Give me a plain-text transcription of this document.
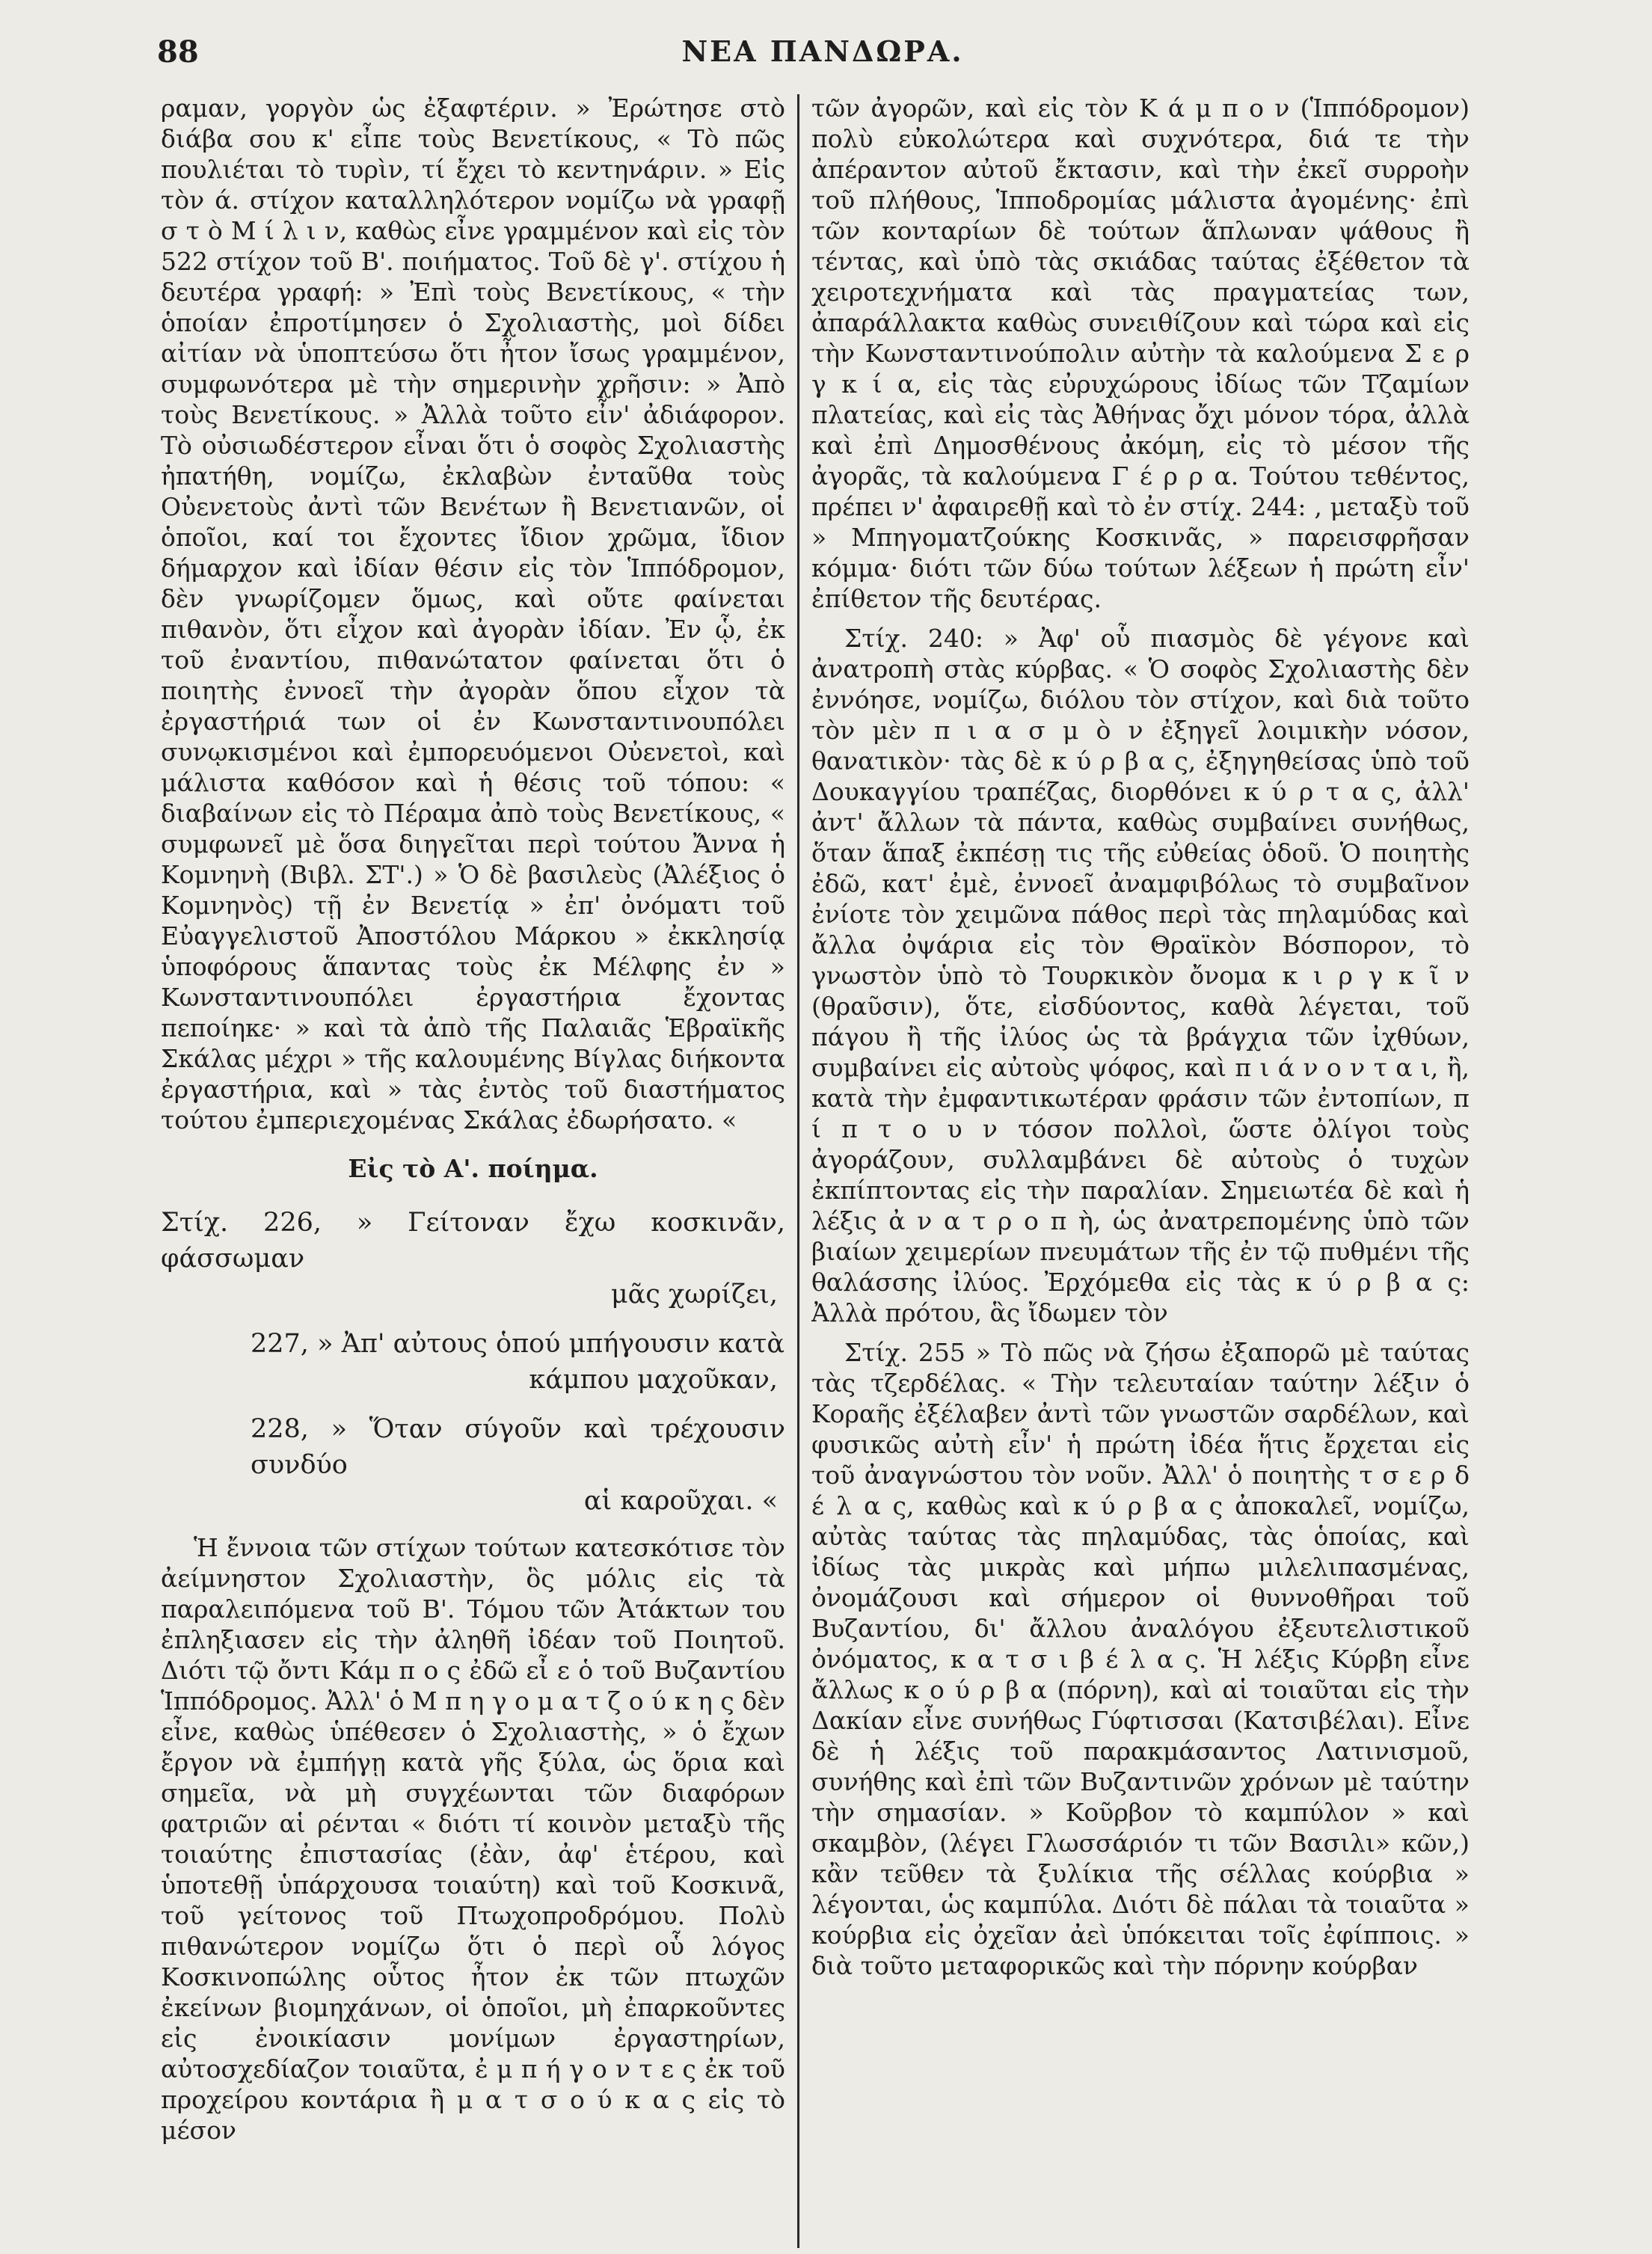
88	ΝΕΑ ΠΑΝΔΩΡΑ.

ραμαν, γοργὸν ὡς ἐξαφτέριν. » Ἐρώτησε στὸ διάβα σου κ' εἶπε τοὺς Βενετίκους, « Τὸ πῶς πουλιέται τὸ τυρὶν, τί ἔχει τὸ κεντηνάριν. » Εἰς τὸν ά. στίχον καταλληλότερον νομίζω νὰ γραφῇ σ τ ὸ Μ ί λ ι ν, καθὼς εἶνε γραμμένον καὶ εἰς τὸν 522 στίχον τοῦ Β'. ποιήματος. Τοῦ δὲ γ'. στίχου ἡ δευτέρα γραφή: » Ἐπὶ τοὺς Βενετίκους, « τὴν ὁποίαν ἐπροτίμησεν ὁ Σχολιαστὴς, μοὶ δίδει αἰτίαν νὰ ὑποπτεύσω ὅτι ἦτον ἴσως γραμμένον, συμφωνότερα μὲ τὴν σημερινὴν χρῆσιν: » Ἀπὸ τοὺς Βενετίκους. » Ἀλλὰ τοῦτο εἶν' ἀδιάφορον. Τὸ οὐσιωδέστερον εἶναι ὅτι ὁ σοφὸς Σχολιαστὴς ἠπατήθη, νομίζω, ἐκλαβὼν ἐνταῦθα τοὺς Οὐενετοὺς ἀντὶ τῶν Βενέτων ἢ Βενετιανῶν, οἱ ὁποῖοι, καί τοι ἔχοντες ἴδιον χρῶμα, ἴδιον δήμαρχον καὶ ἰδίαν θέσιν εἰς τὸν Ἱππόδρομον, δὲν γνωρίζομεν ὅμως, καὶ οὔτε φαίνεται πιθανὸν, ὅτι εἶχον καὶ ἀγορὰν ἰδίαν. Ἐν ᾧ, ἐκ τοῦ ἐναντίου, πιθανώτατον φαίνεται ὅτι ὁ ποιητὴς ἐννοεῖ τὴν ἀγορὰν ὅπου εἶχον τὰ ἐργαστήριά των οἱ ἐν Κωνσταντινουπόλει συνῳκισμένοι καὶ ἐμπορευόμενοι Οὐενετοὶ, καὶ μάλιστα καθόσον καὶ ἡ θέσις τοῦ τόπου: « διαβαίνων εἰς τὸ Πέραμα ἀπὸ τοὺς Βενετίκους, « συμφωνεῖ μὲ ὅσα διηγεῖται περὶ τούτου Ἄννα ἡ Κομνηνὴ (Βιβλ. ΣΤ'.) » Ὁ δὲ βασιλεὺς (Ἀλέξιος ὁ Κομνηνὸς) τῇ ἐν Βενετίᾳ » ἐπ' ὀνόματι τοῦ Εὐαγγελιστοῦ Ἀποστόλου Μάρκου » ἐκκλησίᾳ ὑποφόρους ἅπαντας τοὺς ἐκ Μέλφης ἐν » Κωνσταντινουπόλει ἐργαστήρια ἔχοντας πεποίηκε· » καὶ τὰ ἀπὸ τῆς Παλαιᾶς Ἑβραϊκῆς Σκάλας μέχρι » τῆς καλουμένης Βίγλας διήκοντα ἐργαστήρια, καὶ » τὰς ἐντὸς τοῦ διαστήματος τούτου ἐμπεριεχομένας Σκάλας ἐδωρήσατο. «

Εἰς τὸ Α'. ποίημα.

Στίχ. 226, » Γείτοναν ἔχω κοσκινᾶν, φάσσωμαν

μᾶς χωρίζει,

227, » Ἀπ' αὐτους ὁπού μπήγουσιν κατὰ

κάμπου μαχοῦκαν,

228, » Ὅταν σύγοῦν καὶ τρέχουσιν συνδύο

αἱ καροῦχαι. «

Ἡ ἔννοια τῶν στίχων τούτων κατεσκότισε τὸν ἀείμνηστον Σχολιαστὴν, ὃς μόλις εἰς τὰ παραλειπόμενα τοῦ Β'. Τόμου τῶν Ἀτάκτων του ἐπληξιασεν εἰς τὴν ἀληθῆ ἰδέαν τοῦ Ποιητοῦ. Διότι τῷ ὄντι Κάμ π ο ς ἐδῶ εἶ ε ὁ τοῦ Βυζαντίου Ἱππόδρομος. Ἀλλ' ὁ Μ π η γ ο μ α τ ζ ο ύ κ η ς δὲν εἶνε, καθὼς ὑπέθεσεν ὁ Σχολιαστὴς, » ὁ ἔχων ἔργον νὰ ἐμπήγῃ κατὰ γῆς ξύλα, ὡς ὅρια καὶ σημεῖα, νὰ μὴ συγχέωνται τῶν διαφόρων φατριῶν αἱ ρένται « διότι τί κοινὸν μεταξὺ τῆς τοιαύτης ἐπιστασίας (ἐὰν, ἀφ' ἑτέρου, καὶ ὑποτεθῇ ὑπάρχουσα τοιαύτη) καὶ τοῦ Κοσκινᾶ, τοῦ γείτονος τοῦ Πτωχοπροδρόμου. Πολὺ πιθανώτερον νομίζω ὅτι ὁ περὶ οὗ λόγος Κοσκινοπώλης οὗτος ἦτον ἐκ τῶν πτωχῶν ἐκείνων βιομηχάνων, οἱ ὁποῖοι, μὴ ἐπαρκοῦντες εἰς ἐνοικίασιν μονίμων ἐργαστηρίων, αὐτοσχεδίαζον τοιαῦτα, ἐ μ π ή γ ο ν τ ε ς ἐκ τοῦ προχείρου κοντάρια ἢ μ α τ σ ο ύ κ α ς εἰς τὸ μέσον

τῶν ἀγορῶν, καὶ εἰς τὸν Κ ά μ π ο ν (Ἱππόδρομον) πολὺ εὐκολώτερα καὶ συχνότερα, διά τε τὴν ἀπέραντον αὐτοῦ ἔκτασιν, καὶ τὴν ἐκεῖ συρροὴν τοῦ πλήθους, Ἱπποδρομίας μάλιστα ἀγομένης· ἐπὶ τῶν κονταρίων δὲ τούτων ἅπλωναν ψάθους ἢ τέντας, καὶ ὑπὸ τὰς σκιάδας ταύτας ἐξέθετον τὰ χειροτεχνήματα καὶ τὰς πραγματείας των, ἀπαράλλακτα καθὼς συνειθίζουν καὶ τώρα καὶ εἰς τὴν Κωνσταντινούπολιν αὐτὴν τὰ καλούμενα Σ ε ρ γ κ ί α, εἰς τὰς εὐρυχώρους ἰδίως τῶν Τζαμίων πλατείας, καὶ εἰς τὰς Ἀθήνας ὄχι μόνον τόρα, ἀλλὰ καὶ ἐπὶ Δημοσθένους ἀκόμη, εἰς τὸ μέσον τῆς ἀγορᾶς, τὰ καλούμενα Γ έ ρ ρ α. Τούτου τεθέντος, πρέπει ν' ἀφαιρεθῇ καὶ τὸ ἐν στίχ. 244: , μεταξὺ τοῦ » Μπηγοματζούκης Κοσκινᾶς, » παρεισφρῆσαν κόμμα· διότι τῶν δύω τούτων λέξεων ἡ πρώτη εἶν' ἐπίθετον τῆς δευτέρας.

Στίχ. 240: » Ἀφ' οὗ πιασμὸς δὲ γέγονε καὶ ἀνατροπὴ στὰς κύρβας. « Ὁ σοφὸς Σχολιαστὴς δὲν ἐννόησε, νομίζω, διόλου τὸν στίχον, καὶ διὰ τοῦτο τὸν μὲν π ι α σ μ ὸ ν ἐξηγεῖ λοιμικὴν νόσον, θανατικὸν· τὰς δὲ κ ύ ρ β α ς, ἐξηγηθείσας ὑπὸ τοῦ Δουκαγγίου τραπέζας, διορθόνει κ ύ ρ τ α ς, ἀλλ' ἀντ' ἄλλων τὰ πάντα, καθὼς συμβαίνει συνήθως, ὅταν ἅπαξ ἐκπέσῃ τις τῆς εὐθείας ὁδοῦ. Ὁ ποιητὴς ἐδῶ, κατ' ἐμὲ, ἐννοεῖ ἀναμφιβόλως τὸ συμβαῖνον ἐνίοτε τὸν χειμῶνα πάθος περὶ τὰς πηλαμύδας καὶ ἄλλα ὀψάρια εἰς τὸν Θραϊκὸν Βόσπορον, τὸ γνωστὸν ὑπὸ τὸ Τουρκικὸν ὄνομα κ ι ρ γ κ ῖ ν (θραῦσιν), ὅτε, εἰσδύοντος, καθὰ λέγεται, τοῦ πάγου ἢ τῆς ἰλύος ὡς τὰ βράγχια τῶν ἰχθύων, συμβαίνει εἰς αὐτοὺς ψόφος, καὶ π ι ά ν ο ν τ α ι, ἢ, κατὰ τὴν ἐμφαντικωτέραν φράσιν τῶν ἐντοπίων, π ί π τ ο υ ν τόσον πολλοὶ, ὥστε ὀλίγοι τοὺς ἀγοράζουν, συλλαμβάνει δὲ αὐτοὺς ὁ τυχὼν ἐκπίπτοντας εἰς τὴν παραλίαν. Σημειωτέα δὲ καὶ ἡ λέξις ἀ ν α τ ρ ο π ὴ, ὡς ἀνατρεπομένης ὑπὸ τῶν βιαίων χειμερίων πνευμάτων τῆς ἐν τῷ πυθμένι τῆς θαλάσσης ἰλύος. Ἐρχόμεθα εἰς τὰς κ ύ ρ β α ς: Ἀλλὰ πρότου, ἃς ἴδωμεν τὸν

Στίχ. 255 » Τὸ πῶς νὰ ζήσω ἐξαπορῶ μὲ ταύτας τὰς τζερδέλας. « Τὴν τελευταίαν ταύτην λέξιν ὁ Κοραῆς ἐξέλαβεν ἀντὶ τῶν γνωστῶν σαρδέλων, καὶ φυσικῶς αὐτὴ εἶν' ἡ πρώτη ἰδέα ἥτις ἔρχεται εἰς τοῦ ἀναγνώστου τὸν νοῦν. Ἀλλ' ὁ ποιητὴς τ σ ε ρ δ έ λ α ς, καθὼς καὶ κ ύ ρ β α ς ἀποκαλεῖ, νομίζω, αὐτὰς ταύτας τὰς πηλαμύδας, τὰς ὁποίας, καὶ ἰδίως τὰς μικρὰς καὶ μήπω μιλελιπασμένας, ὀνομάζουσι καὶ σήμερον οἱ θυννοθῆραι τοῦ Βυζαντίου, δι' ἄλλου ἀναλόγου ἐξευτελιστικοῦ ὀνόματος, κ α τ σ ι β έ λ α ς. Ἡ λέξις Κύρβη εἶνε ἄλλως κ ο ύ ρ β α (πόρνη), καὶ αἱ τοιαῦται εἰς τὴν Δακίαν εἶνε συνήθως Γύφτισσαι (Κατσιβέλαι). Εἶνε δὲ ἡ λέξις τοῦ παρακμάσαντος Λατινισμοῦ, συνήθης καὶ ἐπὶ τῶν Βυζαντινῶν χρόνων μὲ ταύτην τὴν σημασίαν. » Κοῦρβον τὸ καμπύλον » καὶ σκαμβὸν, (λέγει Γλωσσάριόν τι τῶν Βασιλι» κῶν,) κἂν τεῦθεν τὰ ξυλίκια τῆς σέλλας κούρβια » λέγονται, ὡς καμπύλα. Διότι δὲ πάλαι τὰ τοιαῦτα » κούρβια εἰς ὀχεῖαν ἀεὶ ὑπόκειται τοῖς ἐφίπποις. » διὰ τοῦτο μεταφορικῶς καὶ τὴν πόρνην κούρβαν
